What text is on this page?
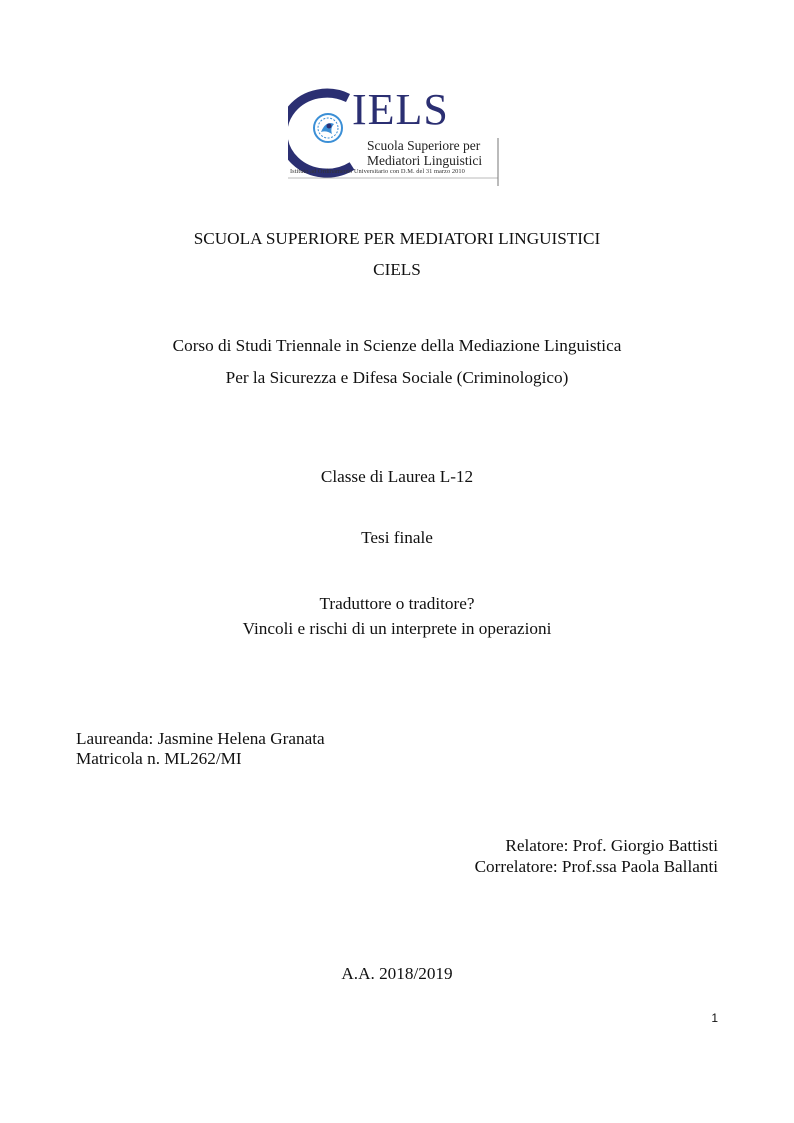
IELS
Scuola Superiore per
Mediatori Linguistici
Istituto ad Ordinamento Universitario con D.M. del 31 marzo 2010
SCUOLA SUPERIORE PER MEDIATORI LINGUISTICI
CIELS
Corso di Studi Triennale in Scienze della Mediazione Linguistica
Per la Sicurezza e Difesa Sociale (Criminologico)
Classe di Laurea L-12
Tesi finale
Traduttore o traditore?
Vincoli e rischi di un interprete in operazioni
Laureanda: Jasmine Helena Granata
Matricola n. ML262/MI
Relatore: Prof. Giorgio Battisti
Correlatore: Prof.ssa Paola Ballanti
A.A. 2018/2019
1
